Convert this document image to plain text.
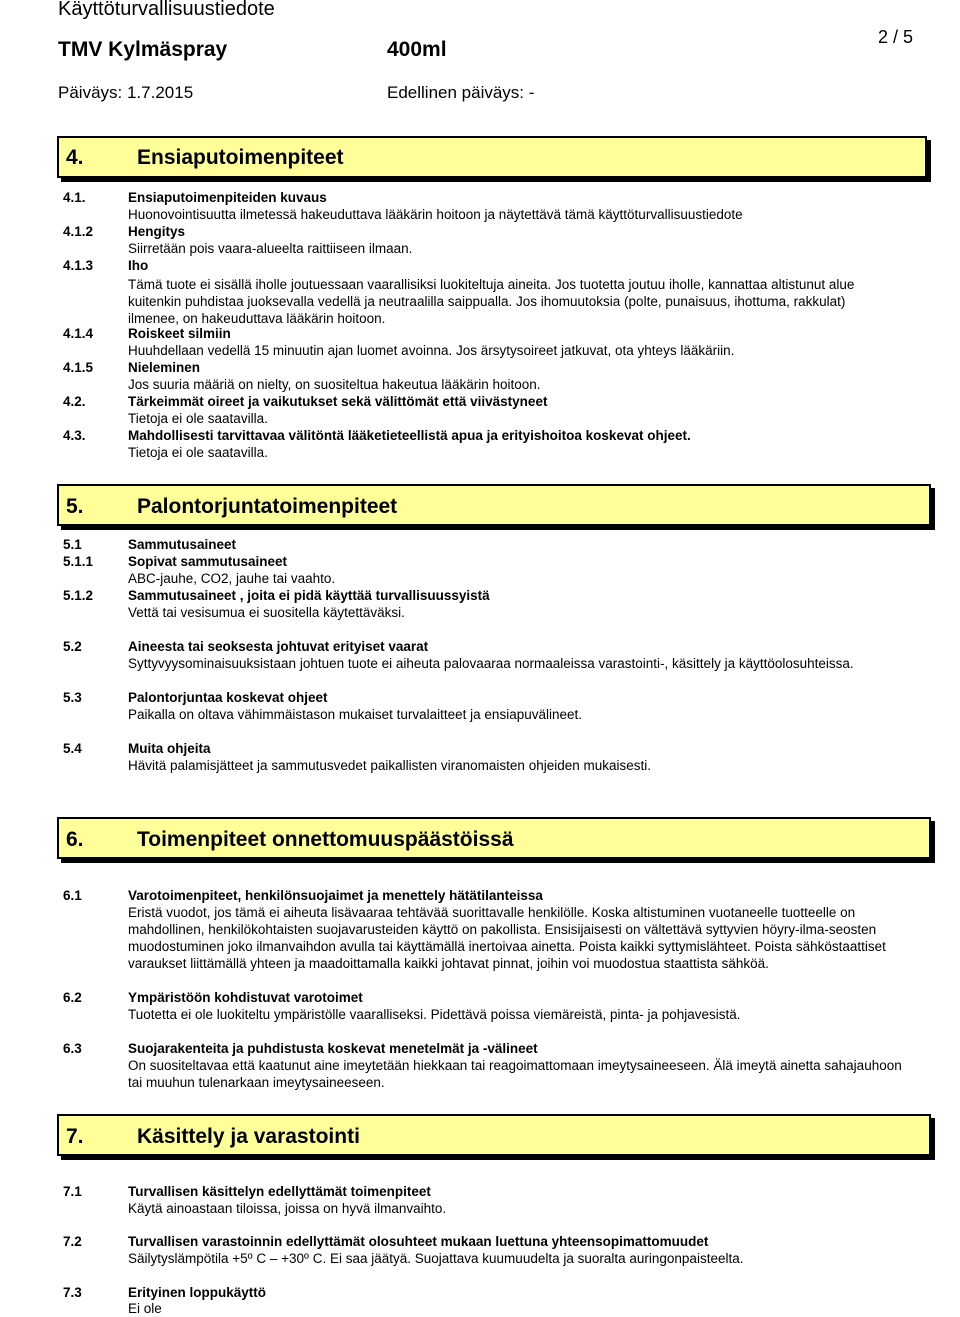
Käyttöturvallisuustiedote
TMV Kylmäspray	400ml
Päiväys: 1.7.2015	Edellinen päiväys: -
2 / 5
4.	Ensiaputoimenpiteet
4.1.	Ensiaputoimenpiteiden kuvaus
Huonovointisuutta ilmetessä hakeuduttava lääkärin hoitoon ja näytettävä tämä käyttöturvallisuustiedote
4.1.2	Hengitys
Siirretään pois vaara-alueelta raittiiseen ilmaan.
4.1.3	Iho
Tämä tuote ei sisällä iholle joutuessaan vaarallisiksi luokiteltuja aineita. Jos tuotetta joutuu iholle, kannattaa altistunut alue
kuitenkin puhdistaa juoksevalla vedellä ja neutraalilla saippualla. Jos ihomuutoksia (polte, punaisuus, ihottuma, rakkulat)
ilmenee, on hakeuduttava lääkärin hoitoon.
4.1.4	Roiskeet silmiin
Huuhdellaan vedellä 15 minuutin ajan luomet avoinna. Jos ärsytysoireet jatkuvat, ota yhteys lääkäriin.
4.1.5	Nieleminen
Jos suuria määriä on nielty, on suositeltua hakeutua lääkärin hoitoon.
4.2.	Tärkeimmät oireet ja vaikutukset sekä välittömät että viivästyneet
Tietoja ei ole saatavilla.
4.3.	Mahdollisesti tarvittavaa välitöntä lääketieteellistä apua ja erityishoitoa koskevat ohjeet.
Tietoja ei ole saatavilla.
5.	Palontorjuntatoimenpiteet
5.1	Sammutusaineet
5.1.1	Sopivat sammutusaineet
ABC-jauhe, CO2, jauhe tai vaahto.
5.1.2	Sammutusaineet , joita ei pidä käyttää turvallisuussyistä
Vettä tai vesisumua ei suositella käytettäväksi.
5.2	Aineesta tai seoksesta johtuvat erityiset vaarat
Syttyvyysominaisuuksistaan johtuen tuote ei aiheuta palovaaraa normaaleissa varastointi-, käsittely ja käyttöolosuhteissa.
5.3	Palontorjuntaa koskevat ohjeet
Paikalla on oltava vähimmäistason mukaiset turvalaitteet ja ensiapuvälineet.
5.4	Muita ohjeita
Hävitä palamisjätteet ja sammutusvedet paikallisten viranomaisten ohjeiden mukaisesti.
6.	Toimenpiteet onnettomuuspäästöissä
6.1	Varotoimenpiteet, henkilönsuojaimet ja menettely hätätilanteissa
Eristä vuodot, jos tämä ei aiheuta lisävaaraa tehtävää suorittavalle henkilölle. Koska altistuminen vuotaneelle tuotteelle on
mahdollinen, henkilökohtaisten suojavarusteiden käyttö on pakollista. Ensisijaisesti on vältettävä syttyvien höyry-ilma-seosten
muodostuminen joko ilmanvaihdon avulla tai käyttämällä inertoivaa ainetta. Poista kaikki syttymislähteet. Poista sähköstaattiset
varaukset liittämällä yhteen ja maadoittamalla kaikki johtavat pinnat, joihin voi muodostua staattista sähköä.
6.2	Ympäristöön kohdistuvat varotoimet
Tuotetta ei ole luokiteltu ympäristölle vaaralliseksi. Pidettävä poissa viemäreistä, pinta- ja pohjavesistä.
6.3	Suojarakenteita ja puhdistusta koskevat menetelmät ja -välineet
On suositeltavaa että kaatunut aine imeytetään hiekkaan tai reagoimattomaan imeytysaineeseen. Älä imeytä ainetta sahajauhoon
tai muuhun tulenarkaan imeytysaineeseen.
7.	Käsittely ja varastointi
7.1	Turvallisen käsittelyn edellyttämät toimenpiteet
Käytä ainoastaan tiloissa, joissa on hyvä ilmanvaihto.
7.2	Turvallisen varastoinnin edellyttämät olosuhteet mukaan luettuna yhteensopimattomuudet
Säilytyslämpötila +5º C – +30º C. Ei saa jäätyä. Suojattava kuumuudelta ja suoralta auringonpaisteelta.
7.3	Erityinen loppukäyttö
Ei ole
